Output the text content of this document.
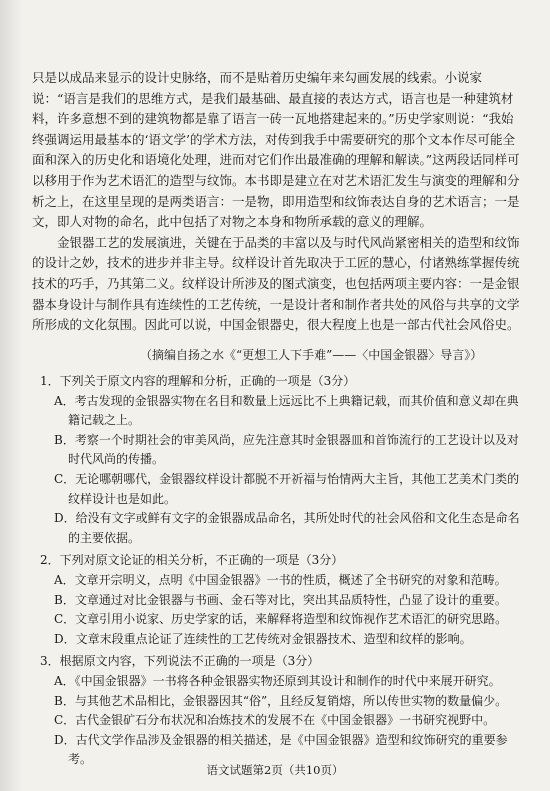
只是以成品来显示的设计史脉络，而不是贴着历史编年来勾画发展的线索。小说家说：“语言是我们的思维方式，是我们最基础、最直接的表达方式，语言也是一种建筑材料，许多意想不到的建筑物都是靠了语言一砖一瓦地搭建起来的。”历史学家则说：“我始终强调运用最基本的‘语文学’的学术方法，对传到我手中需要研究的那个文本作尽可能全面和深入的历史化和语境化处理，进而对它们作出最准确的理解和解读。”这两段话同样可以移用于作为艺术语汇的造型与纹饰。本书即是建立在对艺术语汇发生与演变的理解和分析之上，在这里呈现的是两类语言：一是物，即用造型和纹饰表达自身的艺术语言；一是文，即人对物的命名，此中包括了对物之本身和物所承载的意义的理解。

金银器工艺的发展演进，关键在于品类的丰富以及与时代风尚紧密相关的造型和纹饰的设计之妙，技术的进步并非主导。纹样设计首先取决于工匠的慧心，付诸熟练掌握传统技术的巧手，乃其第二义。纹样设计所涉及的图式演变，也包括两项主要内容：一是金银器本身设计与制作具有连续性的工艺传统，一是设计者和制作者共处的风俗与共享的文学所形成的文化氛围。因此可以说，中国金银器史，很大程度上也是一部古代社会风俗史。

（摘编自扬之水《“更想工人下手难”——〈中国金银器〉导言》）
1．下列关于原文内容的理解和分析，正确的一项是（3分）
A．考古发现的金银器实物在名目和数量上远远比不上典籍记载，而其价值和意义却在典籍记载之上。
B．考察一个时期社会的审美风尚，应先注意其时金银器皿和首饰流行的工艺设计以及对时代风尚的传播。
C．无论哪朝哪代，金银器纹样设计都脱不开祈福与怡情两大主旨，其他工艺美术门类的纹样设计也是如此。
D．给没有文字或鲜有文字的金银器成品命名，其所处时代的社会风俗和文化生态是命名的主要依据。
2．下列对原文论证的相关分析，不正确的一项是（3分）
A．文章开宗明义，点明《中国金银器》一书的性质，概述了全书研究的对象和范畴。
B．文章通过对比金银器与书画、金石等对比，突出其品质特性，凸显了设计的重要。
C．文章引用小说家、历史学家的话，来解释将造型和纹饰视作艺术语汇的研究思路。
D．文章末段重点论证了连续性的工艺传统对金银器技术、造型和纹样的影响。
3．根据原文内容，下列说法不正确的一项是（3分）
A．《中国金银器》一书将各种金银器实物还原到其设计和制作的时代中来展开研究。
B．与其他艺术品相比，金银器因其“俗”，且经反复销熔，所以传世实物的数量偏少。
C．古代金银矿石分布状况和冶炼技术的发展不在《中国金银器》一书研究视野中。
D．古代文学作品涉及金银器的相关描述，是《中国金银器》造型和纹饰研究的重要参考。
语文试题第2页（共10页）
